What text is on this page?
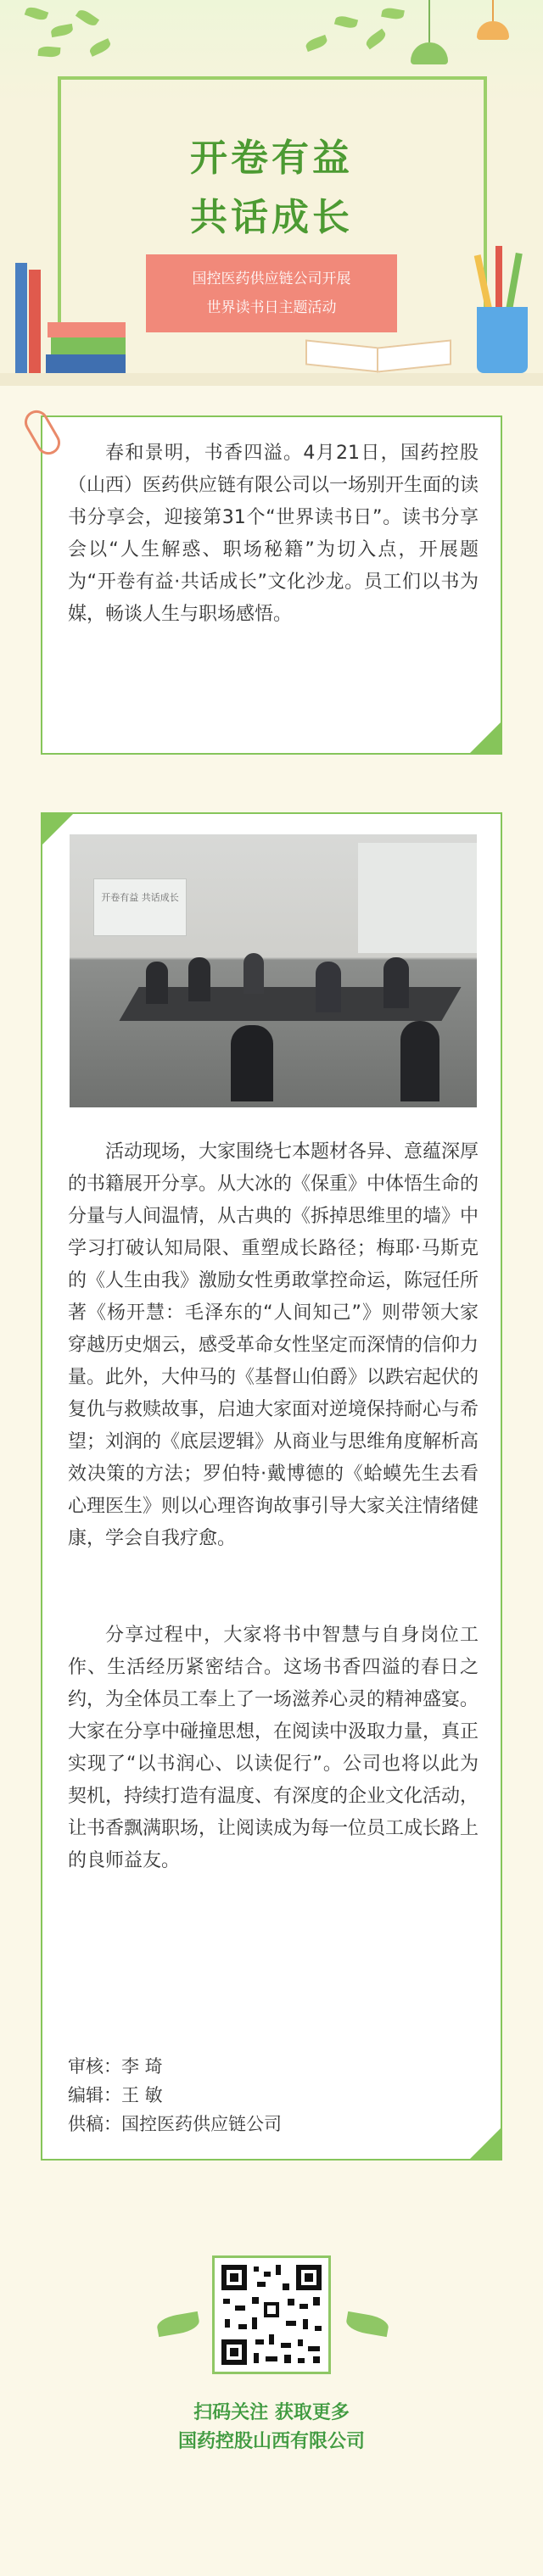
开卷有益
共话成长
国控医药供应链公司开展
世界读书日主题活动

春和景明，书香四溢。4月21日，国药控股（山西）医药供应链有限公司以一场别开生面的读书分享会，迎接第31个“世界读书日”。读书分享会以“人生解惑、职场秘籍”为切入点，开展题为“开卷有益·共话成长”文化沙龙。员工们以书为媒，畅谈人生与职场感悟。

开卷有益 共话成长

活动现场，大家围绕七本题材各异、意蕴深厚的书籍展开分享。从大冰的《保重》中体悟生命的分量与人间温情，从古典的《拆掉思维里的墙》中学习打破认知局限、重塑成长路径；梅耶·马斯克的《人生由我》激励女性勇敢掌控命运，陈冠任所著《杨开慧：毛泽东的“人间知己”》则带领大家穿越历史烟云，感受革命女性坚定而深情的信仰力量。此外，大仲马的《基督山伯爵》以跌宕起伏的复仇与救赎故事，启迪大家面对逆境保持耐心与希望；刘润的《底层逻辑》从商业与思维角度解析高效决策的方法；罗伯特·戴博德的《蛤蟆先生去看心理医生》则以心理咨询故事引导大家关注情绪健康，学会自我疗愈。

分享过程中，大家将书中智慧与自身岗位工作、生活经历紧密结合。这场书香四溢的春日之约，为全体员工奉上了一场滋养心灵的精神盛宴。大家在分享中碰撞思想，在阅读中汲取力量，真正实现了“以书润心、以读促行”。公司也将以此为契机，持续打造有温度、有深度的企业文化活动，让书香飘满职场，让阅读成为每一位员工成长路上的良师益友。

审核：李 琦
编辑：王 敏
供稿：国控医药供应链公司
扫码关注 获取更多
国药控股山西有限公司
